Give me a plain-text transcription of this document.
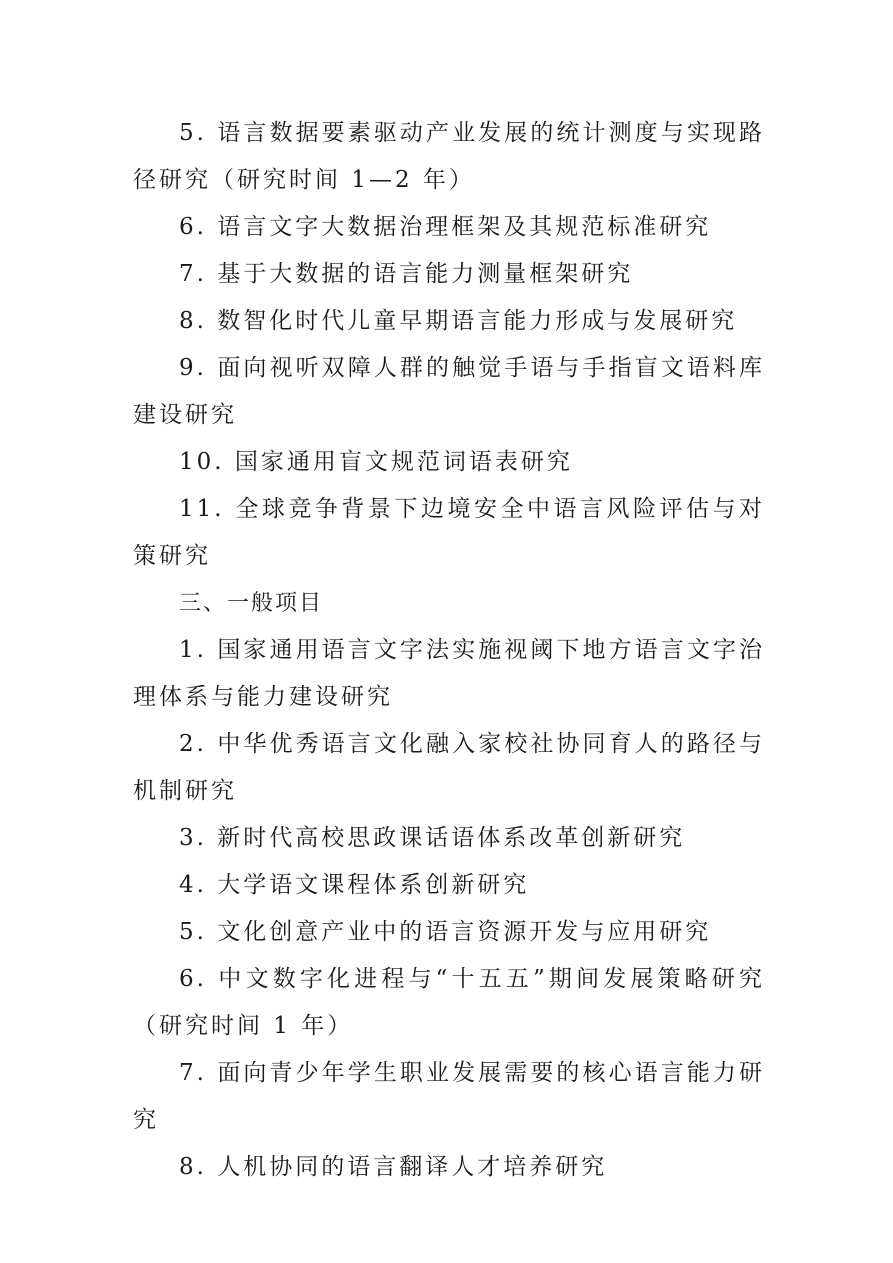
5. 语言数据要素驱动产业发展的统计测度与实现路径研究（研究时间 1—2 年）

6. 语言文字大数据治理框架及其规范标准研究

7. 基于大数据的语言能力测量框架研究

8. 数智化时代儿童早期语言能力形成与发展研究

9. 面向视听双障人群的触觉手语与手指盲文语料库建设研究

10. 国家通用盲文规范词语表研究

11. 全球竞争背景下边境安全中语言风险评估与对策研究

三、一般项目

1. 国家通用语言文字法实施视阈下地方语言文字治理体系与能力建设研究

2. 中华优秀语言文化融入家校社协同育人的路径与机制研究

3. 新时代高校思政课话语体系改革创新研究

4. 大学语文课程体系创新研究

5. 文化创意产业中的语言资源开发与应用研究

6. 中文数字化进程与“十五五”期间发展策略研究（研究时间 1 年）

7. 面向青少年学生职业发展需要的核心语言能力研究

8. 人机协同的语言翻译人才培养研究
